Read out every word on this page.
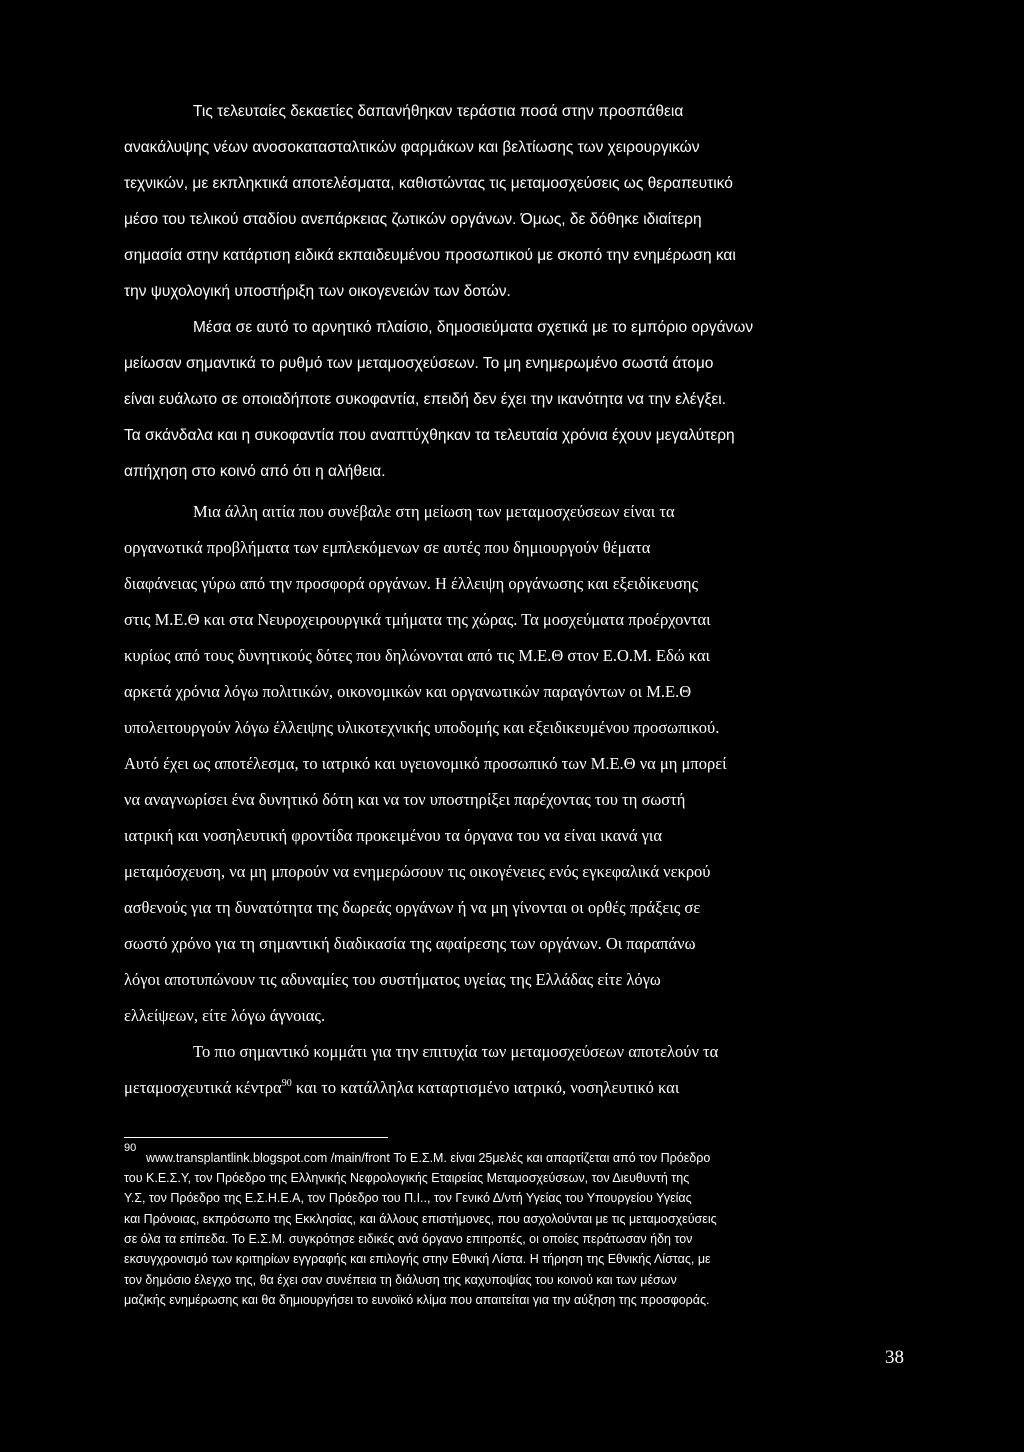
Τις τελευταίες δεκαετίες δαπανήθηκαν τεράστια ποσά στην προσπάθεια
ανακάλυψης νέων ανοσοκατασταλτικών φαρμάκων και βελτίωσης των χειρουργικών
τεχνικών, με εκπληκτικά αποτελέσματα, καθιστώντας τις μεταμοσχεύσεις ως θεραπευτικό
μέσο του τελικού σταδίου ανεπάρκειας ζωτικών οργάνων. Όμως, δε δόθηκε ιδιαίτερη
σημασία στην κατάρτιση ειδικά εκπαιδευμένου προσωπικού με σκοπό την ενημέρωση και
την ψυχολογική υποστήριξη των οικογενειών των δοτών.
Μέσα σε αυτό το αρνητικό πλαίσιο, δημοσιεύματα σχετικά με το εμπόριο οργάνων
μείωσαν σημαντικά το ρυθμό των μεταμοσχεύσεων. Το μη ενημερωμένο σωστά άτομο
είναι ευάλωτο σε οποιαδήποτε συκοφαντία, επειδή δεν έχει την ικανότητα να την ελέγξει.
Τα σκάνδαλα και η συκοφαντία που αναπτύχθηκαν τα τελευταία χρόνια έχουν μεγαλύτερη
απήχηση στο κοινό από ότι η αλήθεια.
Μια άλλη αιτία που συνέβαλε στη μείωση των μεταμοσχεύσεων είναι τα
οργανωτικά προβλήματα των εμπλεκόμενων σε αυτές που δημιουργούν θέματα
διαφάνειας γύρω από την προσφορά οργάνων. Η έλλειψη οργάνωσης και εξειδίκευσης
στις Μ.Ε.Θ και στα Νευροχειρουργικά τμήματα της χώρας. Τα μοσχεύματα προέρχονται
κυρίως από τους δυνητικούς δότες που δηλώνονται από τις Μ.Ε.Θ στον Ε.Ο.Μ. Εδώ και
αρκετά χρόνια λόγω πολιτικών, οικονομικών και οργανωτικών παραγόντων οι Μ.Ε.Θ
υπολειτουργούν λόγω έλλειψης υλικοτεχνικής υποδομής και εξειδικευμένου προσωπικού.
Αυτό έχει ως αποτέλεσμα, το ιατρικό και υγειονομικό προσωπικό των Μ.Ε.Θ να μη μπορεί
να αναγνωρίσει ένα δυνητικό δότη και να τον υποστηρίξει παρέχοντας του τη σωστή
ιατρική και νοσηλευτική φροντίδα προκειμένου τα όργανα του να είναι ικανά για
μεταμόσχευση, να μη μπορούν να ενημερώσουν τις οικογένειες ενός εγκεφαλικά νεκρού
ασθενούς για τη δυνατότητα της δωρεάς οργάνων ή να μη γίνονται οι ορθές πράξεις σε
σωστό χρόνο για τη σημαντική διαδικασία της αφαίρεσης των οργάνων. Οι παραπάνω
λόγοι αποτυπώνουν τις αδυναμίες του συστήματος υγείας της Ελλάδας είτε λόγω
ελλείψεων, είτε λόγω άγνοιας.
Το πιο σημαντικό κομμάτι για την επιτυχία των μεταμοσχεύσεων αποτελούν τα
μεταμοσχευτικά κέντρα$^{90}$ και το κατάλληλα καταρτισμένο ιατρικό, νοσηλευτικό και
90
www.transplantlink.blogspot.com /main/front Το Ε.Σ.Μ. είναι 25μελές και απαρτίζεται από τον Πρόεδρο
του Κ.Ε.Σ.Υ, τον Πρόεδρο της Ελληνικής Νεφρολογικής Εταιρείας Μεταμοσχεύσεων, τον Διευθυντή της
Υ.Σ, τον Πρόεδρο της Ε.Σ.Η.Ε.Α, τον Πρόεδρο του Π.Ι.., τον Γενικό Δ/ντή Υγείας του Υπουργείου Υγείας
και Πρόνοιας, εκπρόσωπο της Εκκλησίας, και άλλους επιστήμονες, που ασχολούνται με τις μεταμοσχεύσεις
σε όλα τα επίπεδα. Το Ε.Σ.Μ. συγκρότησε ειδικές ανά όργανο επιτροπές, οι οποίες περάτωσαν ήδη τον
εκσυγχρονισμό των κριτηρίων εγγραφής και επιλογής στην Εθνική Λίστα. Η τήρηση της Εθνικής Λίστας, με
τον δημόσιο έλεγχο της, θα έχει σαν συνέπεια τη διάλυση της καχυποψίας του κοινού και των μέσων
μαζικής ενημέρωσης και θα δημιουργήσει το ευνοϊκό κλίμα που απαιτείται για την αύξηση της προσφοράς.
38
